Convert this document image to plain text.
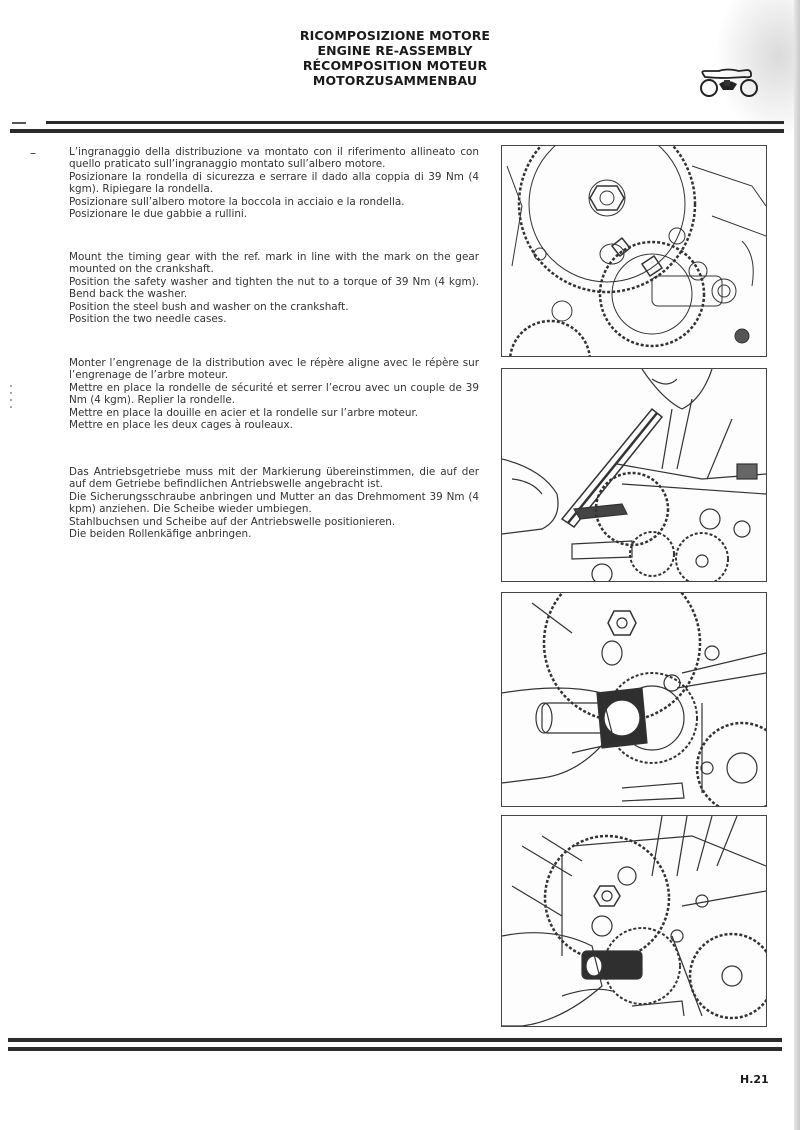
RICOMPOSIZIONE MOTORE
ENGINE RE-ASSEMBLY
RÉCOMPOSITION MOTEUR
MOTORZUSAMMENBAU
–	L’ingranaggio della distribuzione va montato con il riferimento allineato con quello praticato sull’ingranaggio montato sull’albero motore.

Posizionare la rondella di sicurezza e serrare il dado alla coppia di 39 Nm (4 kgm). Ripiegare la rondella.

Posizionare sull’albero motore la boccola in acciaio e la rondella.

Posizionare le due gabbie a rullini.

Mount the timing gear with the ref. mark in line with the mark on the gear mounted on the crankshaft.

Position the safety washer and tighten the nut to a torque of 39 Nm (4 kgm). Bend back the washer.

Position the steel bush and washer on the crankshaft.

Position the two needle cases.

Monter l’engrenage de la distribution avec le répère aligne avec le répère sur l’engrenage de l’arbre moteur.

Mettre en place la rondelle de sécurité et serrer l’ecrou avec un couple de 39 Nm (4 kgm). Replier la rondelle.

Mettre en place la douille en acier et la rondelle sur l’arbre moteur.

Mettre en place les deux cages à rouleaux.

Das Antriebsgetriebe muss mit der Markierung übereinstimmen, die auf der auf dem Getriebe befindlichen Antriebswelle angebracht ist.

Die Sicherungsschraube anbringen und Mutter an das Drehmoment 39 Nm (4 kpm) anziehen. Die Scheibe wieder umbiegen.

Stahlbuchsen und Scheibe auf der Antriebswelle positionieren.

Die beiden Rollenkäfige anbringen.

H.21
